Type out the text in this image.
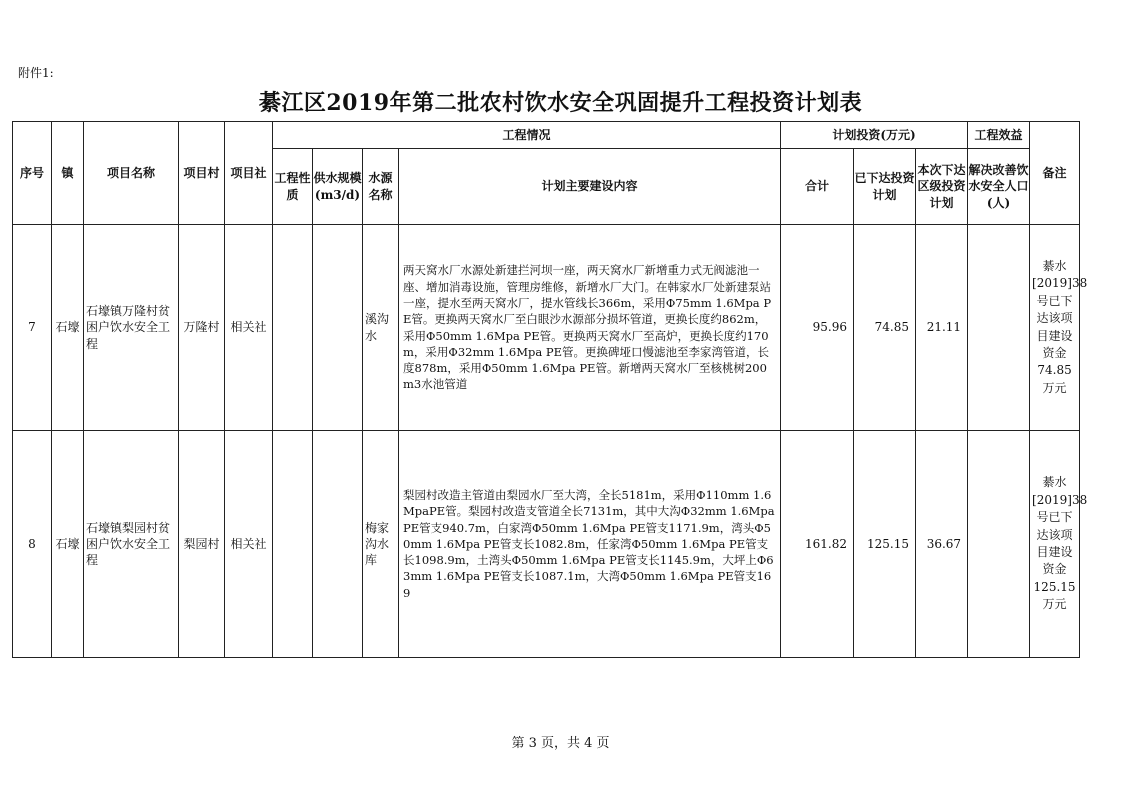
附件1:
綦江区2019年第二批农村饮水安全巩固提升工程投资计划表
序号	镇	项目名称	项目村	项目社	工程情况				计划投资(万元)			工程效益	备注
					工程性质	供水规模(m3/d)	水源名称	计划主要建设内容	合计	已下达投资计划	本次下达区级投资计划	解决改善饮水安全人口(人)	
7	石壕	石壕镇万隆村贫困户饮水安全工程	万隆村	相关社			溪沟水	两天窝水厂水源处新建拦河坝一座，两天窝水厂新增重力式无阀滤池一座、增加消毒设施，管理房维修，新增水厂大门。在韩家水厂处新建泵站一座，提水至两天窝水厂，提水管线长366m，采用Φ75mm 1.6Mpa PE管。更换两天窝水厂至白眼沙水源部分损坏管道，更换长度约862m，采用Φ50mm 1.6Mpa PE管。更换两天窝水厂至高炉，更换长度约170m，采用Φ32mm 1.6Mpa PE管。更换碑垭口慢滤池至李家湾管道，长度878m，采用Φ50mm 1.6Mpa PE管。新增两天窝水厂至核桃树200m3水池管道	95.96	74.85	21.11		綦水[2019]38号已下达该项目建设资金74.85万元
8	石壕	石壕镇梨园村贫困户饮水安全工程	梨园村	相关社			梅家沟水库	梨园村改造主管道由梨园水厂至大湾，全长5181m，采用Φ110mm 1.6MpaPE管。梨园村改造支管道全长7131m，其中大沟Φ32mm 1.6Mpa PE管支940.7m，白家湾Φ50mm 1.6Mpa PE管支1171.9m，湾头Φ50mm 1.6Mpa PE管支长1082.8m，任家湾Φ50mm 1.6Mpa PE管支长1098.9m，土湾头Φ50mm 1.6Mpa PE管支长1145.9m，大坪上Φ63mm 1.6Mpa PE管支长1087.1m，大湾Φ50mm 1.6Mpa PE管支169	161.82	125.15	36.67		綦水[2019]38号已下达该项目建设资金125.15万元
第 3 页，共 4 页
